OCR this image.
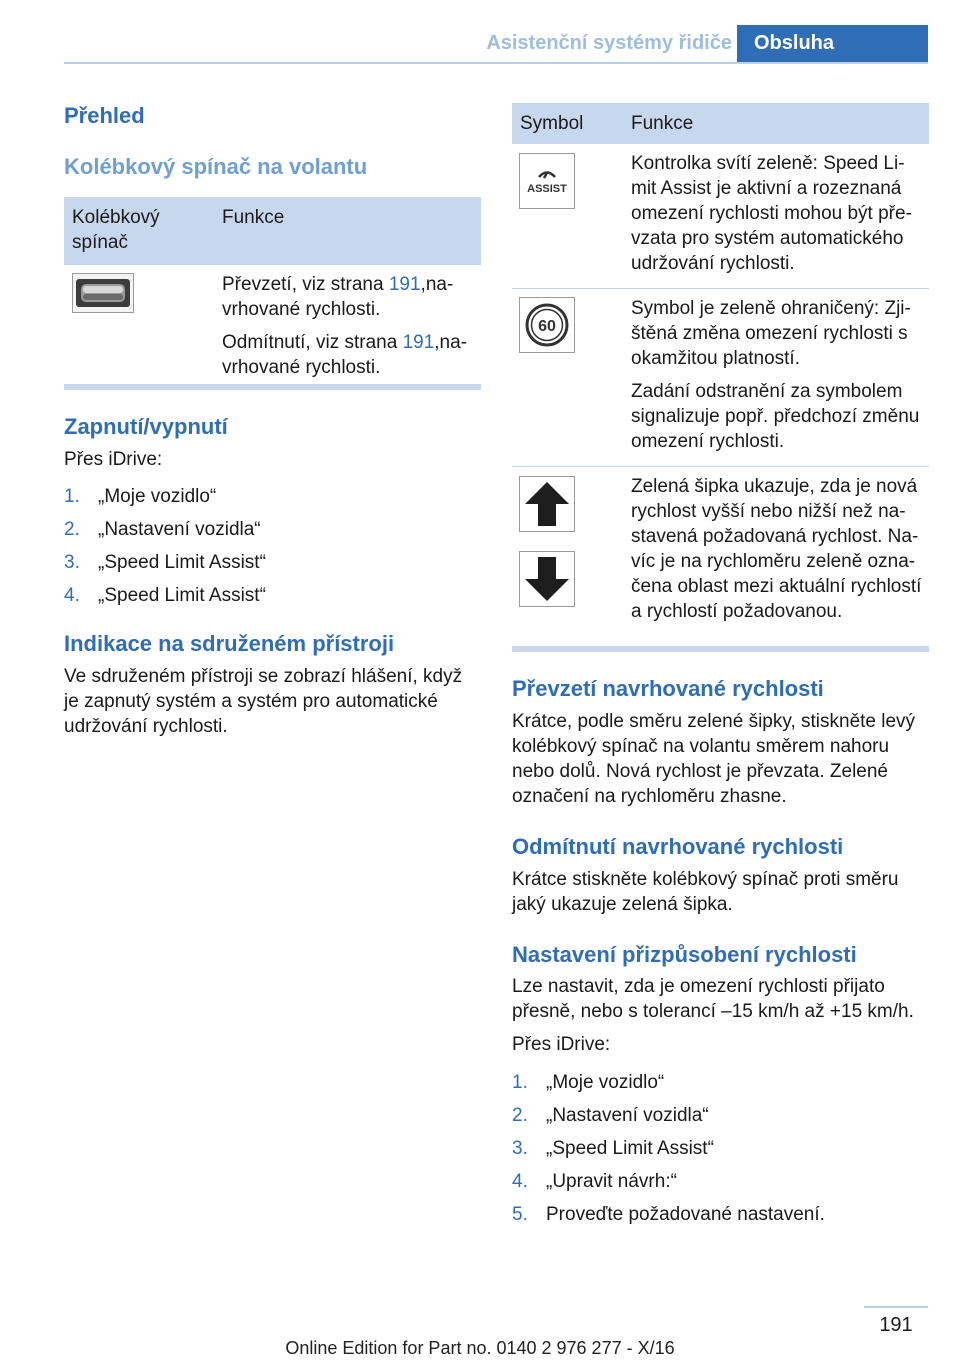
Asistenční systémy řidiče	Obsluha
Přehled
Kolébkový spínač na volantu
Kolébkový spínač	Funkce

Převzetí, viz strana 191,navrhované rychlosti.

Odmítnutí, viz strana 191,navrhované rychlosti.

Zapnutí/vypnutí

Přes iDrive:

1. „Moje vozidlo“
2. „Nastavení vozidla“
3. „Speed Limit Assist“
4. „Speed Limit Assist“
Indikace na sdruženém přístroji

Ve sdruženém přístroji se zobrazí hlášení, když je zapnutý systém a systém pro automatické udržování rychlosti.

Symbol	Funkce

ASSIST	Kontrolka svítí zeleně: Speed Limit Assist je aktivní a rozeznaná omezení rychlosti mohou být převzata pro systém automatického udržování rychlosti.

60	Symbol je zeleně ohraničený: Zjištěná změna omezení rychlosti s okamžitou platností.

Zadání odstranění za symbolem signalizuje popř. předchozí změnu omezení rychlosti.

Zelená šipka ukazuje, zda je nová rychlost vyšší nebo nižší než nastavená požadovaná rychlost. Navíc je na rychloměru zeleně označena oblast mezi aktuální rychlostí a rychlostí požadovanou.

Převzetí navrhované rychlosti

Krátce, podle směru zelené šipky, stiskněte levý kolébkový spínač na volantu směrem nahoru nebo dolů. Nová rychlost je převzata. Zelené označení na rychloměru zhasne.

Odmítnutí navrhované rychlosti

Krátce stiskněte kolébkový spínač proti směru jaký ukazuje zelená šipka.

Nastavení přizpůsobení rychlosti

Lze nastavit, zda je omezení rychlosti přijato přesně, nebo s tolerancí –15 km/h až +15 km/h.

Přes iDrive:

1. „Moje vozidlo“
2. „Nastavení vozidla“
3. „Speed Limit Assist“
4. „Upravit návrh:“
5. Proveďte požadované nastavení.
191
Online Edition for Part no. 0140 2 976 277 - X/16
